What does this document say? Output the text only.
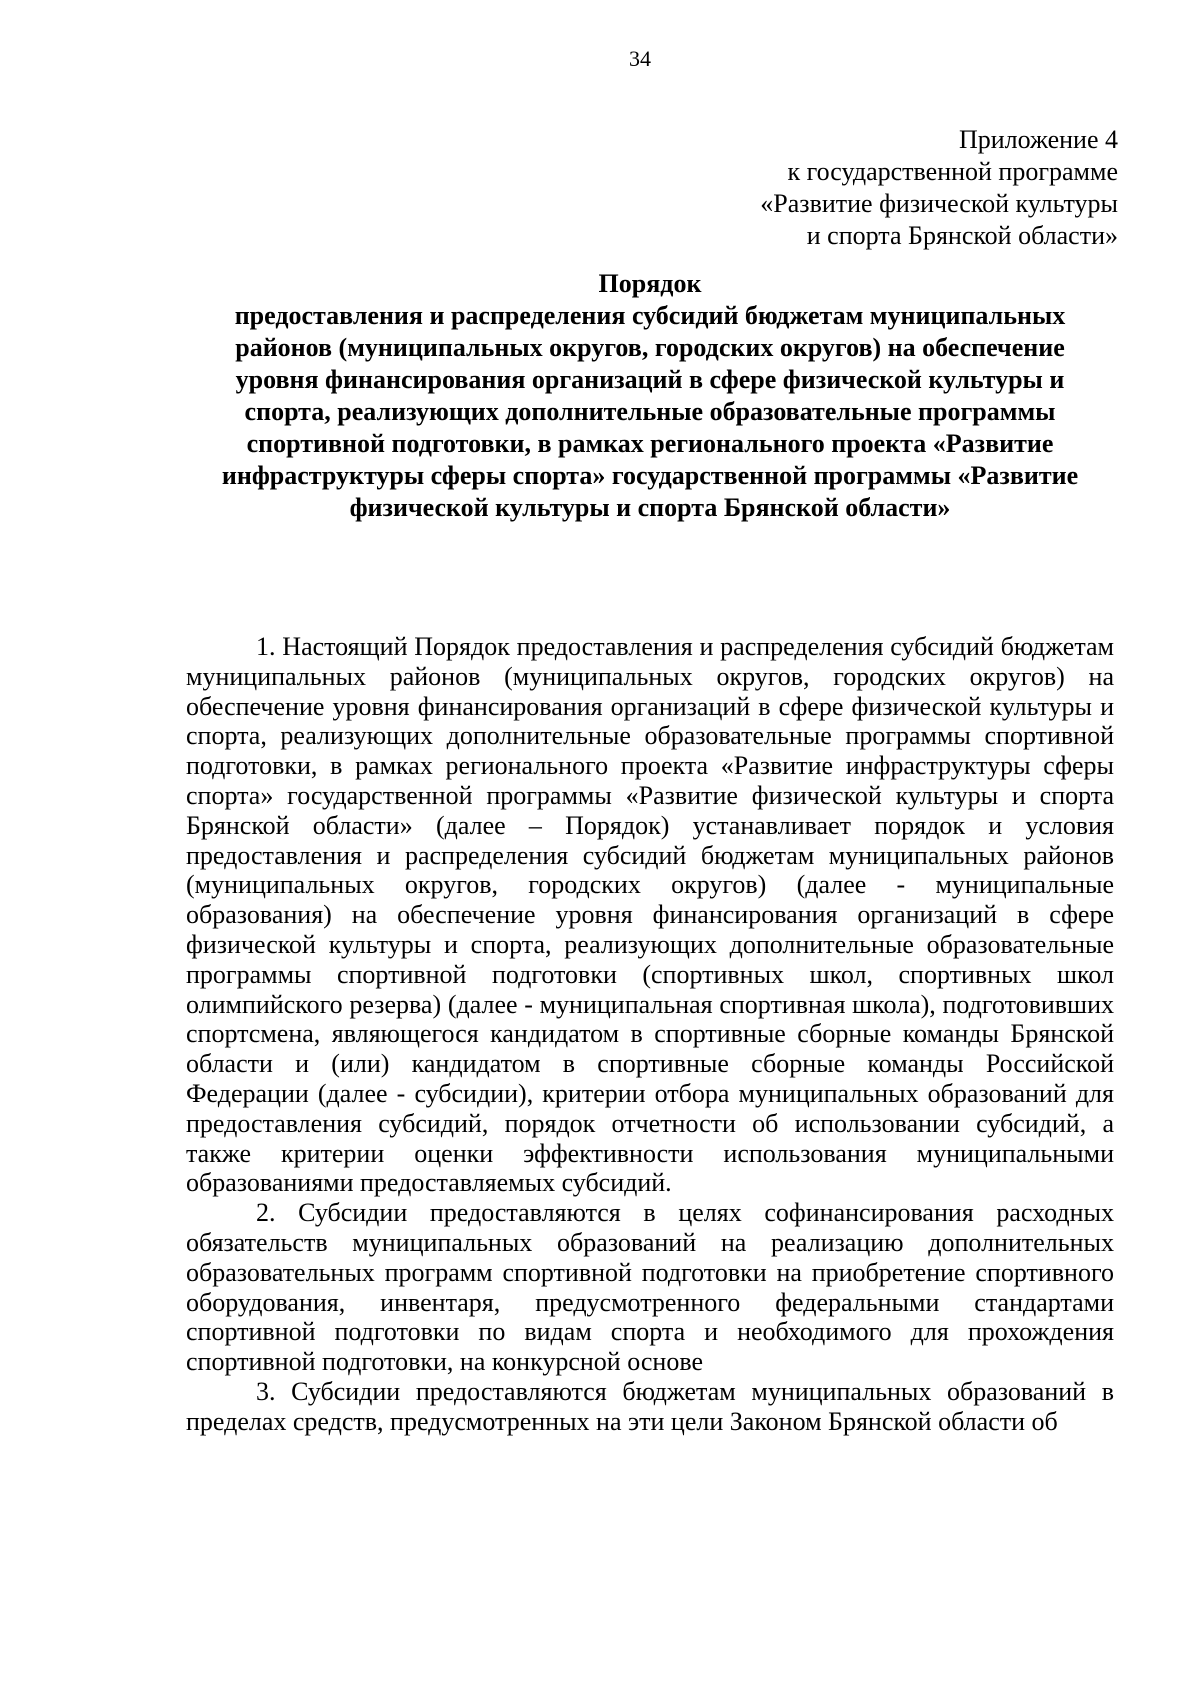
34
Приложение 4
к государственной программе
«Развитие физической культуры
и спорта Брянской области»
Порядок
предоставления и распределения субсидий бюджетам муниципальных
районов (муниципальных округов, городских округов) на обеспечение
уровня финансирования организаций в сфере физической культуры и
спорта, реализующих дополнительные образовательные программы
спортивной подготовки, в рамках регионального проекта «Развитие
инфраструктуры сферы спорта» государственной программы «Развитие
физической культуры и спорта Брянской области»

1. Настоящий Порядок предоставления и распределения субсидий бюджетам муниципальных районов (муниципальных округов, городских округов) на обеспечение уровня финансирования организаций в сфере физической культуры и спорта, реализующих дополнительные образовательные программы спортивной подготовки, в рамках регионального проекта «Развитие инфраструктуры сферы спорта» государственной программы «Развитие физической культуры и спорта Брянской области» (далее – Порядок) устанавливает порядок и условия предоставления и распределения субсидий бюджетам муниципальных районов (муниципальных округов, городских округов) (далее - муниципальные образования) на обеспечение уровня финансирования организаций в сфере физической культуры и спорта, реализующих дополнительные образовательные программы спортивной подготовки (спортивных школ, спортивных школ олимпийского резерва) (далее - муниципальная спортивная школа), подготовивших спортсмена, являющегося кандидатом в спортивные сборные команды Брянской области и (или) кандидатом в спортивные сборные команды Российской Федерации (далее - субсидии), критерии отбора муниципальных образований для предоставления субсидий, порядок отчетности об использовании субсидий, а также критерии оценки эффективности использования муниципальными образованиями предоставляемых субсидий.

2. Субсидии предоставляются в целях софинансирования расходных обязательств муниципальных образований на реализацию дополнительных образовательных программ спортивной подготовки на приобретение спортивного оборудования, инвентаря, предусмотренного федеральными стандартами спортивной подготовки по видам спорта и необходимого для прохождения спортивной подготовки, на конкурсной основе

3. Субсидии предоставляются бюджетам муниципальных образований в пределах средств, предусмотренных на эти цели Законом Брянской области об
